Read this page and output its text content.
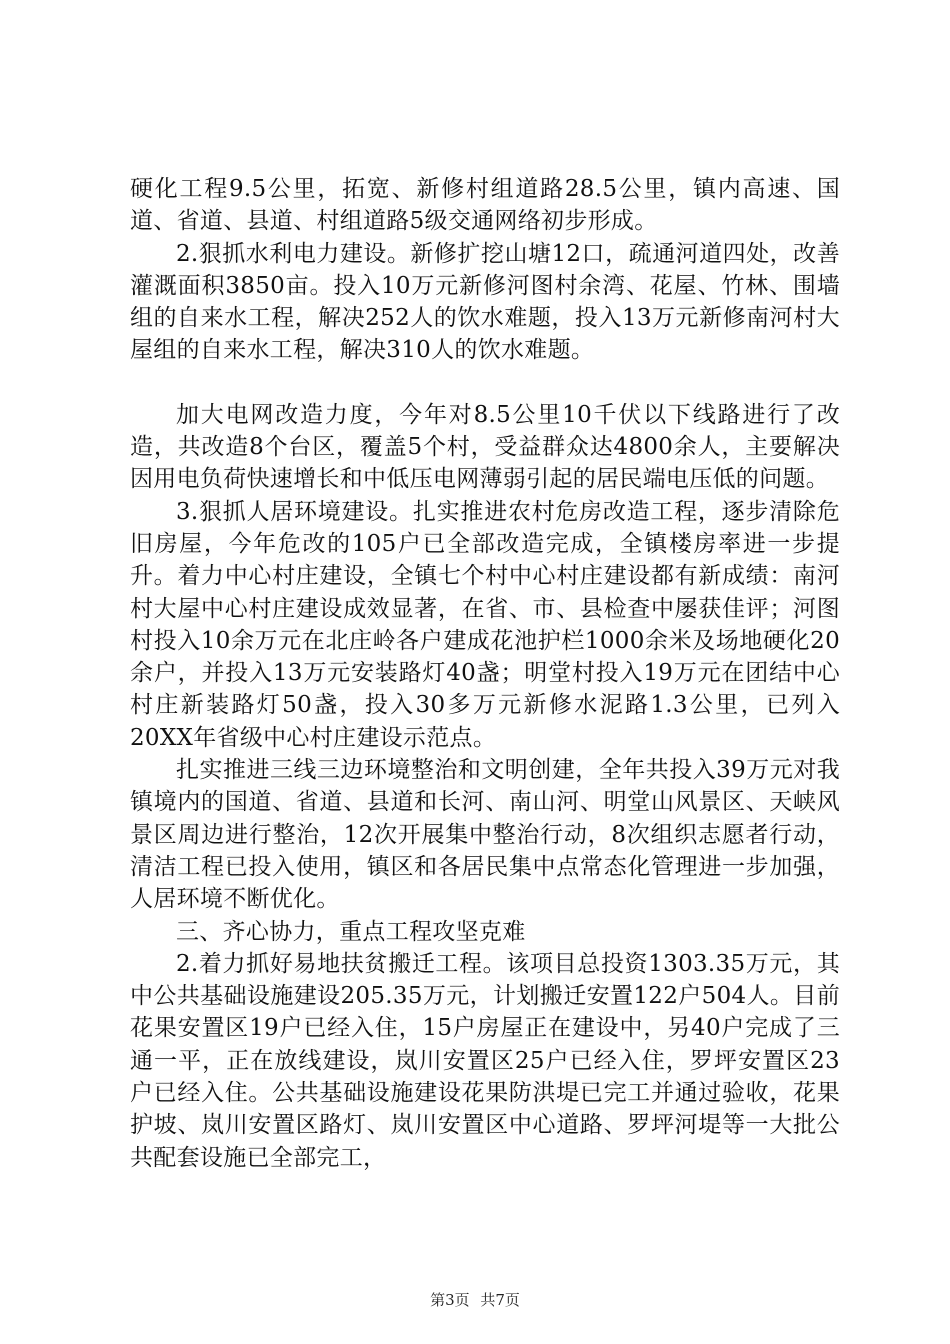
硬化工程9.5公里，拓宽、新修村组道路28.5公里，镇内高速、国道、省道、县道、村组道路5级交通网络初步形成。

2.狠抓水利电力建设。新修扩挖山塘12口，疏通河道四处，改善灌溉面积3850亩。投入10万元新修河图村余湾、花屋、竹林、围墙组的自来水工程，解决252人的饮水难题，投入13万元新修南河村大屋组的自来水工程，解决310人的饮水难题。

加大电网改造力度，今年对8.5公里10千伏以下线路进行了改造，共改造8个台区，覆盖5个村，受益群众达4800余人，主要解决因用电负荷快速增长和中低压电网薄弱引起的居民端电压低的问题。

3.狠抓人居环境建设。扎实推进农村危房改造工程，逐步清除危旧房屋，今年危改的105户已全部改造完成，全镇楼房率进一步提升。着力中心村庄建设，全镇七个村中心村庄建设都有新成绩：南河村大屋中心村庄建设成效显著，在省、市、县检查中屡获佳评；河图村投入10余万元在北庄岭各户建成花池护栏1000余米及场地硬化20余户，并投入13万元安装路灯40盏；明堂村投入19万元在团结中心村庄新装路灯50盏，投入30多万元新修水泥路1.3公里，已列入20XX年省级中心村庄建设示范点。

扎实推进三线三边环境整治和文明创建，全年共投入39万元对我镇境内的国道、省道、县道和长河、南山河、明堂山风景区、天峡风景区周边进行整治，12次开展集中整治行动，8次组织志愿者行动，清洁工程已投入使用，镇区和各居民集中点常态化管理进一步加强，人居环境不断优化。

三、齐心协力，重点工程攻坚克难

2.着力抓好易地扶贫搬迁工程。该项目总投资1303.35万元，其中公共基础设施建设205.35万元，计划搬迁安置122户504人。目前花果安置区19户已经入住，15户房屋正在建设中，另40户完成了三通一平，正在放线建设，岚川安置区25户已经入住，罗坪安置区23户已经入住。公共基础设施建设花果防洪堤已完工并通过验收，花果护坡、岚川安置区路灯、岚川安置区中心道路、罗坪河堤等一大批公共配套设施已全部完工，

第3页 共7页
